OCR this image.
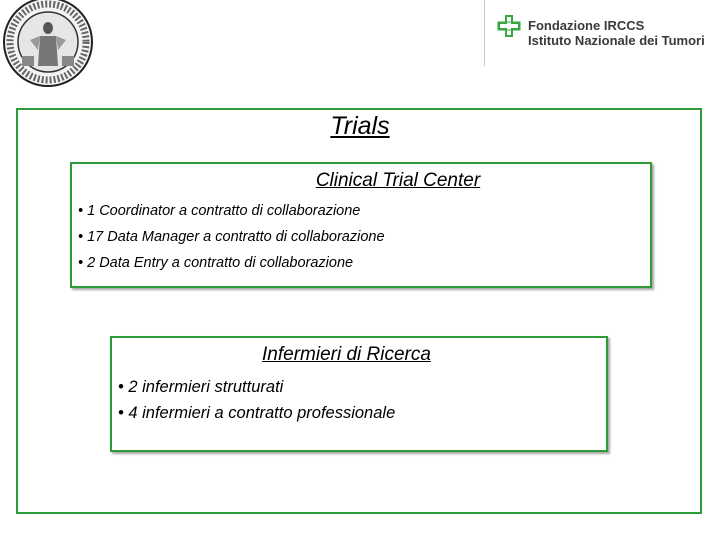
Fondazione IRCCS
Istituto Nazionale dei Tumori
Trials
Clinical Trial Center
• 1 Coordinator a contratto di collaborazione
• 17 Data Manager a contratto di collaborazione
• 2 Data Entry a contratto di collaborazione
Infermieri di Ricerca
• 2 infermieri strutturati
• 4 infermieri a contratto professionale
